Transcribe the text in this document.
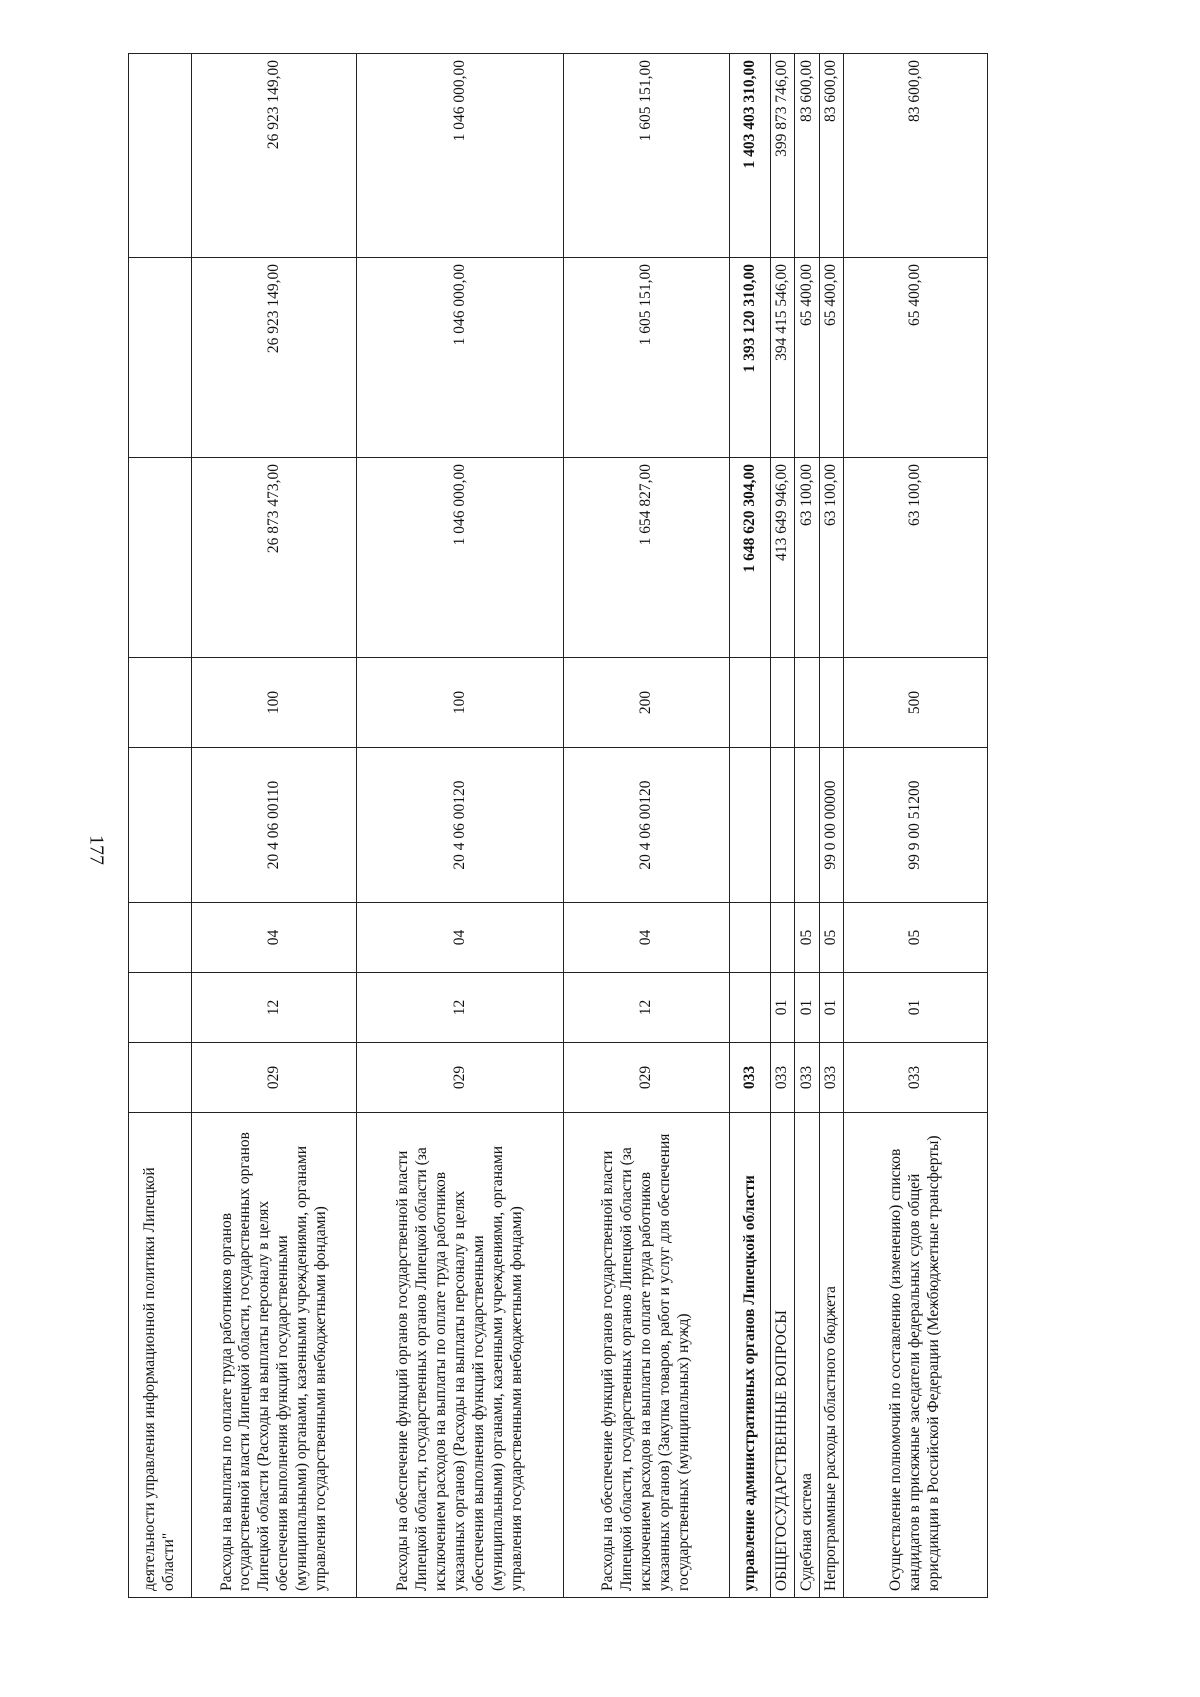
177
деятельности управления информационной политики Липецкой области"								
Расходы на выплаты по оплате труда работников органов государственной власти Липецкой области, государственных органов Липецкой области (Расходы на выплаты персоналу в целях обеспечения выполнения функций государственными (муниципальными) органами, казенными учреждениями, органами управления государственными внебюджетными фондами)	029	12	04	20 4 06 00110	100	26 873 473,00	26 923 149,00	26 923 149,00
Расходы на обеспечение функций органов государственной власти Липецкой области, государственных органов Липецкой области (за исключением расходов на выплаты по оплате труда работников указанных органов) (Расходы на выплаты персоналу в целях обеспечения выполнения функций государственными (муниципальными) органами, казенными учреждениями, органами управления государственными внебюджетными фондами)	029	12	04	20 4 06 00120	100	1 046 000,00	1 046 000,00	1 046 000,00
Расходы на обеспечение функций органов государственной власти Липецкой области, государственных органов Липецкой области (за исключением расходов на выплаты по оплате труда работников указанных органов) (Закупка товаров, работ и услуг для обеспечения государственных (муниципальных) нужд)	029	12	04	20 4 06 00120	200	1 654 827,00	1 605 151,00	1 605 151,00
управление административных органов Липецкой области	033					1 648 620 304,00	1 393 120 310,00	1 403 403 310,00
ОБЩЕГОСУДАРСТВЕННЫЕ ВОПРОСЫ	033	01				413 649 946,00	394 415 546,00	399 873 746,00
Судебная система	033	01	05			63 100,00	65 400,00	83 600,00
Непрограммные расходы областного бюджета	033	01	05	99 0 00 00000		63 100,00	65 400,00	83 600,00
Осуществление полномочий по составлению (изменению) списков кандидатов в присяжные заседатели федеральных судов общей юрисдикции в Российской Федерации (Межбюджетные трансферты)	033	01	05	99 9 00 51200	500	63 100,00	65 400,00	83 600,00
